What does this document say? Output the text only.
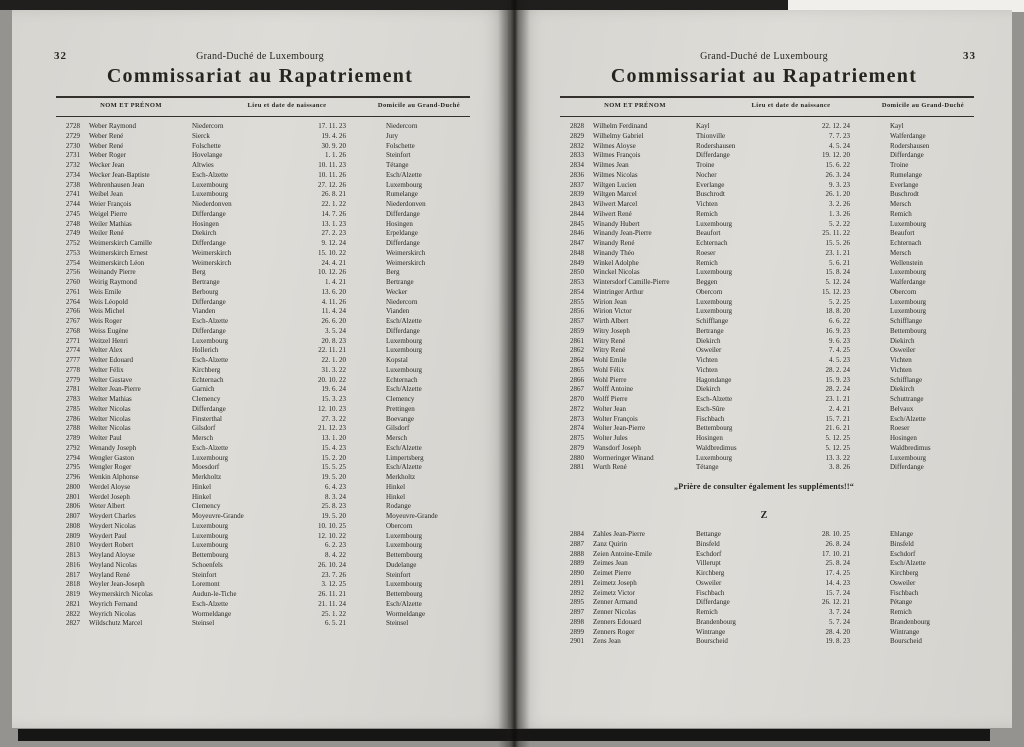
32	Grand-Duché de Luxembourg
Commissariat au Rapatriement
NOM ET PRÉNOM	Lieu et date de naissance	Domicile au Grand-Duché
2728	Weber Raymond	Niedercorn	17. 11. 23	Niedercorn
2729	Weber René	Sierck	19. 4. 26	Jury
2730	Weber René	Folschette	30. 9. 20	Folschette
2731	Weber Roger	Hovelange	1. 1. 26	Steinfort
2732	Wecker Jean	Altwies	10. 11. 23	Tétange
2734	Wecker Jean-Baptiste	Esch-Alzette	10. 11. 26	Esch/Alzette
2738	Wehrenhausen Jean	Luxembourg	27. 12. 26	Luxembourg
2741	Weibel Jean	Luxembourg	26. 8. 21	Rumelange
2744	Weier François	Niederdonven	22. 1. 22	Niederdonven
2745	Weigel Pierre	Differdange	14. 7. 26	Differdange
2748	Weiler Mathias	Hosingen	13. 1. 23	Hosingen
2749	Weiler René	Diekirch	27. 2. 23	Erpeldange
2752	Weimerskirch Camille	Differdange	9. 12. 24	Differdange
2753	Weimerskirch Ernest	Weimerskirch	15. 10. 22	Weimerskirch
2754	Weimerskirch Léon	Weimerskirch	24. 4. 21	Weimerskirch
2756	Weinandy Pierre	Berg	10. 12. 26	Berg
2760	Weirig Raymond	Bertrange	1. 4. 21	Bertrange
2761	Weis Emile	Berbourg	13. 6. 20	Wecker
2764	Weis Léopold	Differdange	4. 11. 26	Niedercorn
2766	Weis Michel	Vianden	11. 4. 24	Vianden
2767	Weis Roger	Esch-Alzette	26. 6. 20	Esch/Alzette
2768	Weiss Eugène	Differdange	3. 5. 24	Differdange
2771	Weitzel Henri	Luxembourg	20. 8. 23	Luxembourg
2774	Welter Alex	Hollerich	22. 11. 21	Luxembourg
2777	Welter Edouard	Esch-Alzette	22. 1. 20	Kopstal
2778	Welter Félix	Kirchberg	31. 3. 22	Luxembourg
2779	Welter Gustave	Echternach	20. 10. 22	Echternach
2781	Welter Jean-Pierre	Garnich	19. 6. 24	Esch/Alzette
2783	Welter Mathias	Clemency	15. 3. 23	Clemency
2785	Welter Nicolas	Differdange	12. 10. 23	Prettingen
2786	Welter Nicolas	Finsterthal	27. 3. 22	Boevange
2788	Welter Nicolas	Gilsdorf	21. 12. 23	Gilsdorf
2789	Welter Paul	Mersch	13. 1. 20	Mersch
2792	Wenandy Joseph	Esch-Alzette	15. 4. 23	Esch/Alzette
2794	Wengler Gaston	Luxembourg	15. 2. 20	Limpertsberg
2795	Wengler Roger	Moesdorf	15. 5. 25	Esch/Alzette
2796	Wenkin Alphonse	Merkholtz	19. 5. 20	Merkholtz
2800	Werdel Aloyse	Hinkel	6. 4. 23	Hinkel
2801	Werdel Joseph	Hinkel	8. 3. 24	Hinkel
2806	Weter Albert	Clemency	25. 8. 23	Rodange
2807	Weydert Charles	Moyeuvre-Grande	19. 5. 20	Moyeuvre-Grande
2808	Weydert Nicolas	Luxembourg	10. 10. 25	Obercorn
2809	Weydert Paul	Luxembourg	12. 10. 22	Luxembourg
2810	Weydert Robert	Luxembourg	6. 2. 23	Luxembourg
2813	Weyland Aloyse	Bettembourg	8. 4. 22	Bettembourg
2816	Weyland Nicolas	Schoenfels	26. 10. 24	Dudelange
2817	Weyland René	Steinfort	23. 7. 26	Steinfort
2818	Weyler Jean-Joseph	Loremont	3. 12. 25	Luxembourg
2819	Weymerskirch Nicolas	Audun-le-Tiche	26. 11. 21	Bettembourg
2821	Weyrich Fernand	Esch-Alzette	21. 11. 24	Esch/Alzette
2822	Weyrich Nicolas	Wormeldange	25. 1. 22	Wormeldange
2827	Wildschutz Marcel	Steinsel	6. 5. 21	Steinsel
33
Grand-Duché de Luxembourg
Commissariat au Rapatriement
NOM ET PRÉNOM	Lieu et date de naissance	Domicile au Grand-Duché
2828	Wilhelm Ferdinand	Kayl	22. 12. 24	Kayl
2829	Wilhelmy Gabriel	Thionville	7. 7. 23	Walferdange
2832	Wilmes Aloyse	Rodershausen	4. 5. 24	Rodershausen
2833	Wilmes François	Differdange	19. 12. 20	Differdange
2834	Wilmes Jean	Troine	15. 6. 22	Troine
2836	Wilmes Nicolas	Nocher	26. 3. 24	Rumelange
2837	Wiltgen Lucien	Everlange	9. 3. 23	Everlange
2839	Wiltgen Marcel	Buschrodt	26. 1. 20	Buschrodt
2843	Wilwert Marcel	Vichten	3. 2. 26	Mersch
2844	Wilwert René	Remich	1. 3. 26	Remich
2845	Winandy Hubert	Luxembourg	5. 2. 22	Luxembourg
2846	Winandy Jean-Pierre	Beaufort	25. 11. 22	Beaufort
2847	Winandy René	Echternach	15. 5. 26	Echternach
2848	Winandy Théo	Roeser	23. 1. 21	Mersch
2849	Winkel Adolphe	Remich	5. 6. 21	Wellenstein
2850	Winckel Nicolas	Luxembourg	15. 8. 24	Luxembourg
2853	Wintersdorf Camille-Pierre	Beggen	5. 12. 24	Walferdange
2854	Wintringer Arthur	Obercorn	15. 12. 23	Obercorn
2855	Wirion Jean	Luxembourg	5. 2. 25	Luxembourg
2856	Wirion Victor	Luxembourg	18. 8. 20	Luxembourg
2857	Wirth Albert	Schifflange	6. 6. 22	Schifflange
2859	Witry Joseph	Bertrange	16. 9. 23	Bettembourg
2861	Witry René	Diekirch	9. 6. 23	Diekirch
2862	Witry René	Osweiler	7. 4. 25	Osweiler
2864	Wohl Emile	Vichten	4. 5. 23	Vichten
2865	Wohl Félix	Vichten	28. 2. 24	Vichten
2866	Wohl Pierre	Hagondange	15. 9. 23	Schifflange
2867	Wolff Antoine	Diekirch	28. 2. 24	Diekirch
2870	Wolff Pierre	Esch-Alzette	23. 1. 21	Schuttrange
2872	Wolter Jean	Esch-Sûre	2. 4. 21	Belvaux
2873	Wolter François	Fischbach	15. 7. 21	Esch/Alzette
2874	Wolter Jean-Pierre	Bettembourg	21. 6. 21	Roeser
2875	Wolter Jules	Hosingen	5. 12. 25	Hosingen
2879	Wansdorf Joseph	Waldbredimus	5. 12. 25	Waldbredimus
2880	Wormeringer Winand	Luxembourg	13. 3. 22	Luxembourg
2881	Wurth René	Tétange	3. 8. 26	Differdange
„Prière de consulter également les suppléments!!“
Z
2884	Zahles Jean-Pierre	Bettange	28. 10. 25	Ehlange
2887	Zanz Quirin	Binsfeld	26. 8. 24	Binsfeld
2888	Zeien Antoine-Emile	Eschdorf	17. 10. 21	Eschdorf
2889	Zeimes Jean	Villerupt	25. 8. 24	Esch/Alzette
2890	Zeimet Pierre	Kirchberg	17. 4. 25	Kirchberg
2891	Zeimetz Joseph	Osweiler	14. 4. 23	Osweiler
2892	Zeimetz Victor	Fischbach	15. 7. 24	Fischbach
2895	Zenner Armand	Differdange	26. 12. 21	Pétange
2897	Zenner Nicolas	Remich	3. 7. 24	Remich
2898	Zenners Edouard	Brandenbourg	5. 7. 24	Brandenbourg
2899	Zenners Roger	Wintrange	28. 4. 20	Wintrange
2901	Zens Jean	Bourscheid	19. 8. 23	Bourscheid
